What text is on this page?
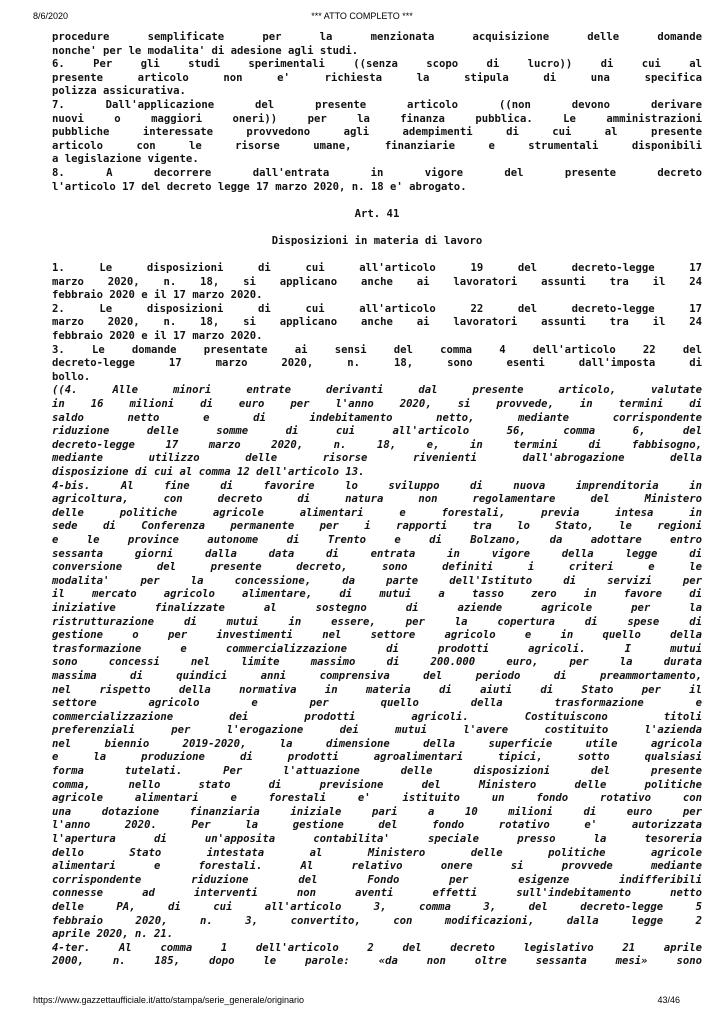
8/6/2020	*** ATTO COMPLETO ***
procedure semplificate per la menzionata acquisizione delle domande
nonche' per le modalita' di adesione agli studi.
6. Per gli studi sperimentali ((senza scopo di lucro)) di cui al
presente articolo non e' richiesta la stipula di una specifica
polizza assicurativa.
7. Dall'applicazione del presente articolo ((non devono derivare
nuovi o maggiori oneri)) per la finanza pubblica. Le amministrazioni
pubbliche interessate provvedono agli adempimenti di cui al presente
articolo con le risorse umane, finanziarie e strumentali disponibili
a legislazione vigente.
8. A decorrere dall'entrata in vigore del presente decreto
l'articolo 17 del decreto legge 17 marzo 2020, n. 18 e' abrogato.
Art. 41
Disposizioni in materia di lavoro
1. Le disposizioni di cui all'articolo 19 del decreto-legge 17
marzo 2020, n. 18, si applicano anche ai lavoratori assunti tra il 24
febbraio 2020 e il 17 marzo 2020.
2. Le disposizioni di cui all'articolo 22 del decreto-legge 17
marzo 2020, n. 18, si applicano anche ai lavoratori assunti tra il 24
febbraio 2020 e il 17 marzo 2020.
3. Le domande presentate ai sensi del comma 4 dell'articolo 22 del
decreto-legge 17 marzo 2020, n. 18, sono esenti dall'imposta di
bollo.
((4. Alle minori entrate derivanti dal presente articolo, valutate
in 16 milioni di euro per l'anno 2020, si provvede, in termini di
saldo netto e di indebitamento netto, mediante corrispondente
riduzione delle somme di cui all'articolo 56, comma 6, del
decreto-legge 17 marzo 2020, n. 18, e, in termini di fabbisogno,
mediante utilizzo delle risorse rivenienti dall'abrogazione della
disposizione di cui al comma 12 dell'articolo 13.
4-bis. Al fine di favorire lo sviluppo di nuova imprenditoria in
agricoltura, con decreto di natura non regolamentare del Ministero
delle politiche agricole alimentari e forestali, previa intesa in
sede di Conferenza permanente per i rapporti tra lo Stato, le regioni
e le province autonome di Trento e di Bolzano, da adottare entro
sessanta giorni dalla data di entrata in vigore della legge di
conversione del presente decreto, sono definiti i criteri e le
modalita' per la concessione, da parte dell'Istituto di servizi per
il mercato agricolo alimentare, di mutui a tasso zero in favore di
iniziative finalizzate al sostegno di aziende agricole per la
ristrutturazione di mutui in essere, per la copertura di spese di
gestione o per investimenti nel settore agricolo e in quello della
trasformazione e commercializzazione di prodotti agricoli. I mutui
sono concessi nel limite massimo di 200.000 euro, per la durata
massima di quindici anni comprensiva del periodo di preammortamento,
nel rispetto della normativa in materia di aiuti di Stato per il
settore agricolo e per quello della trasformazione e
commercializzazione dei prodotti agricoli. Costituiscono titoli
preferenziali per l'erogazione dei mutui l'avere costituito l'azienda
nel biennio 2019-2020, la dimensione della superficie utile agricola
e la produzione di prodotti agroalimentari tipici, sotto qualsiasi
forma tutelati. Per l'attuazione delle disposizioni del presente
comma, nello stato di previsione del Ministero delle politiche
agricole alimentari e forestali e' istituito un fondo rotativo con
una dotazione finanziaria iniziale pari a 10 milioni di euro per
l'anno 2020. Per la gestione del fondo rotativo e' autorizzata
l'apertura di un'apposita contabilita' speciale presso la tesoreria
dello Stato intestata al Ministero delle politiche agricole
alimentari e forestali. Al relativo onere si provvede mediante
corrispondente riduzione del Fondo per esigenze indifferibili
connesse ad interventi non aventi effetti sull'indebitamento netto
delle PA, di cui all'articolo 3, comma 3, del decreto-legge 5
febbraio 2020, n. 3, convertito, con modificazioni, dalla legge 2
aprile 2020, n. 21.
4-ter. Al comma 1 dell'articolo 2 del decreto legislativo 21 aprile
2000, n. 185, dopo le parole: «da non oltre sessanta mesi» sono
https://www.gazzettaufficiale.it/atto/stampa/serie_generale/originario	43/46
